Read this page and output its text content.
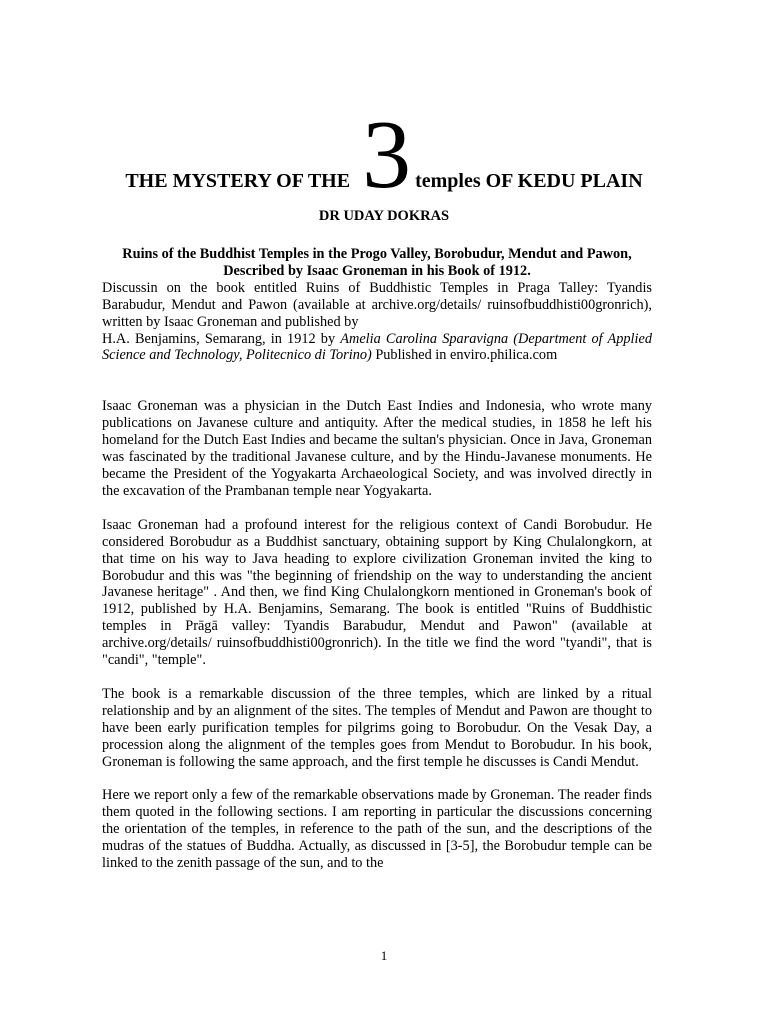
THE MYSTERY OF THE 3 temples OF KEDU PLAIN
DR UDAY DOKRAS

Ruins of the Buddhist Temples in the Progo Valley, Borobudur, Mendut and Pawon, Described by Isaac Groneman in his Book of 1912.

Discussin on the book entitled Ruins of Buddhistic Temples in Praga Talley: Tyandis Barabudur, Mendut and Pawon (available at archive.org/details/ ruinsofbuddhisti00gronrich), written by Isaac Groneman and published by

H.A. Benjamins, Semarang, in 1912 by Amelia Carolina Sparavigna (Department of Applied Science and Technology, Politecnico di Torino) Published in enviro.philica.com

Isaac Groneman was a physician in the Dutch East Indies and Indonesia, who wrote many publications on Javanese culture and antiquity. After the medical studies, in 1858 he left his homeland for the Dutch East Indies and became the sultan's physician. Once in Java, Groneman was fascinated by the traditional Javanese culture, and by the Hindu-Javanese monuments. He became the President of the Yogyakarta Archaeological Society, and was involved directly in the excavation of the Prambanan temple near Yogyakarta.

Isaac Groneman had a profound interest for the religious context of Candi Borobudur. He considered Borobudur as a Buddhist sanctuary, obtaining support by King Chulalongkorn, at that time on his way to Java heading to explore civilization Groneman invited the king to Borobudur and this was "the beginning of friendship on the way to understanding the ancient Javanese heritage" . And then, we find King Chulalongkorn mentioned in Groneman's book of 1912, published by H.A. Benjamins, Semarang. The book is entitled "Ruins of Buddhistic temples in Prāgā valley: Tyandis Barabudur, Mendut and Pawon" (available at archive.org/details/ ruinsofbuddhisti00gronrich). In the title we find the word "tyandi", that is "candi", "temple".

The book is a remarkable discussion of the three temples, which are linked by a ritual relationship and by an alignment of the sites. The temples of Mendut and Pawon are thought to have been early purification temples for pilgrims going to Borobudur. On the Vesak Day, a procession along the alignment of the temples goes from Mendut to Borobudur. In his book, Groneman is following the same approach, and the first temple he discusses is Candi Mendut.

Here we report only a few of the remarkable observations made by Groneman. The reader finds them quoted in the following sections. I am reporting in particular the discussions concerning the orientation of the temples, in reference to the path of the sun, and the descriptions of the mudras of the statues of Buddha. Actually, as discussed in [3-5], the Borobudur temple can be linked to the zenith passage of the sun, and to the

1
